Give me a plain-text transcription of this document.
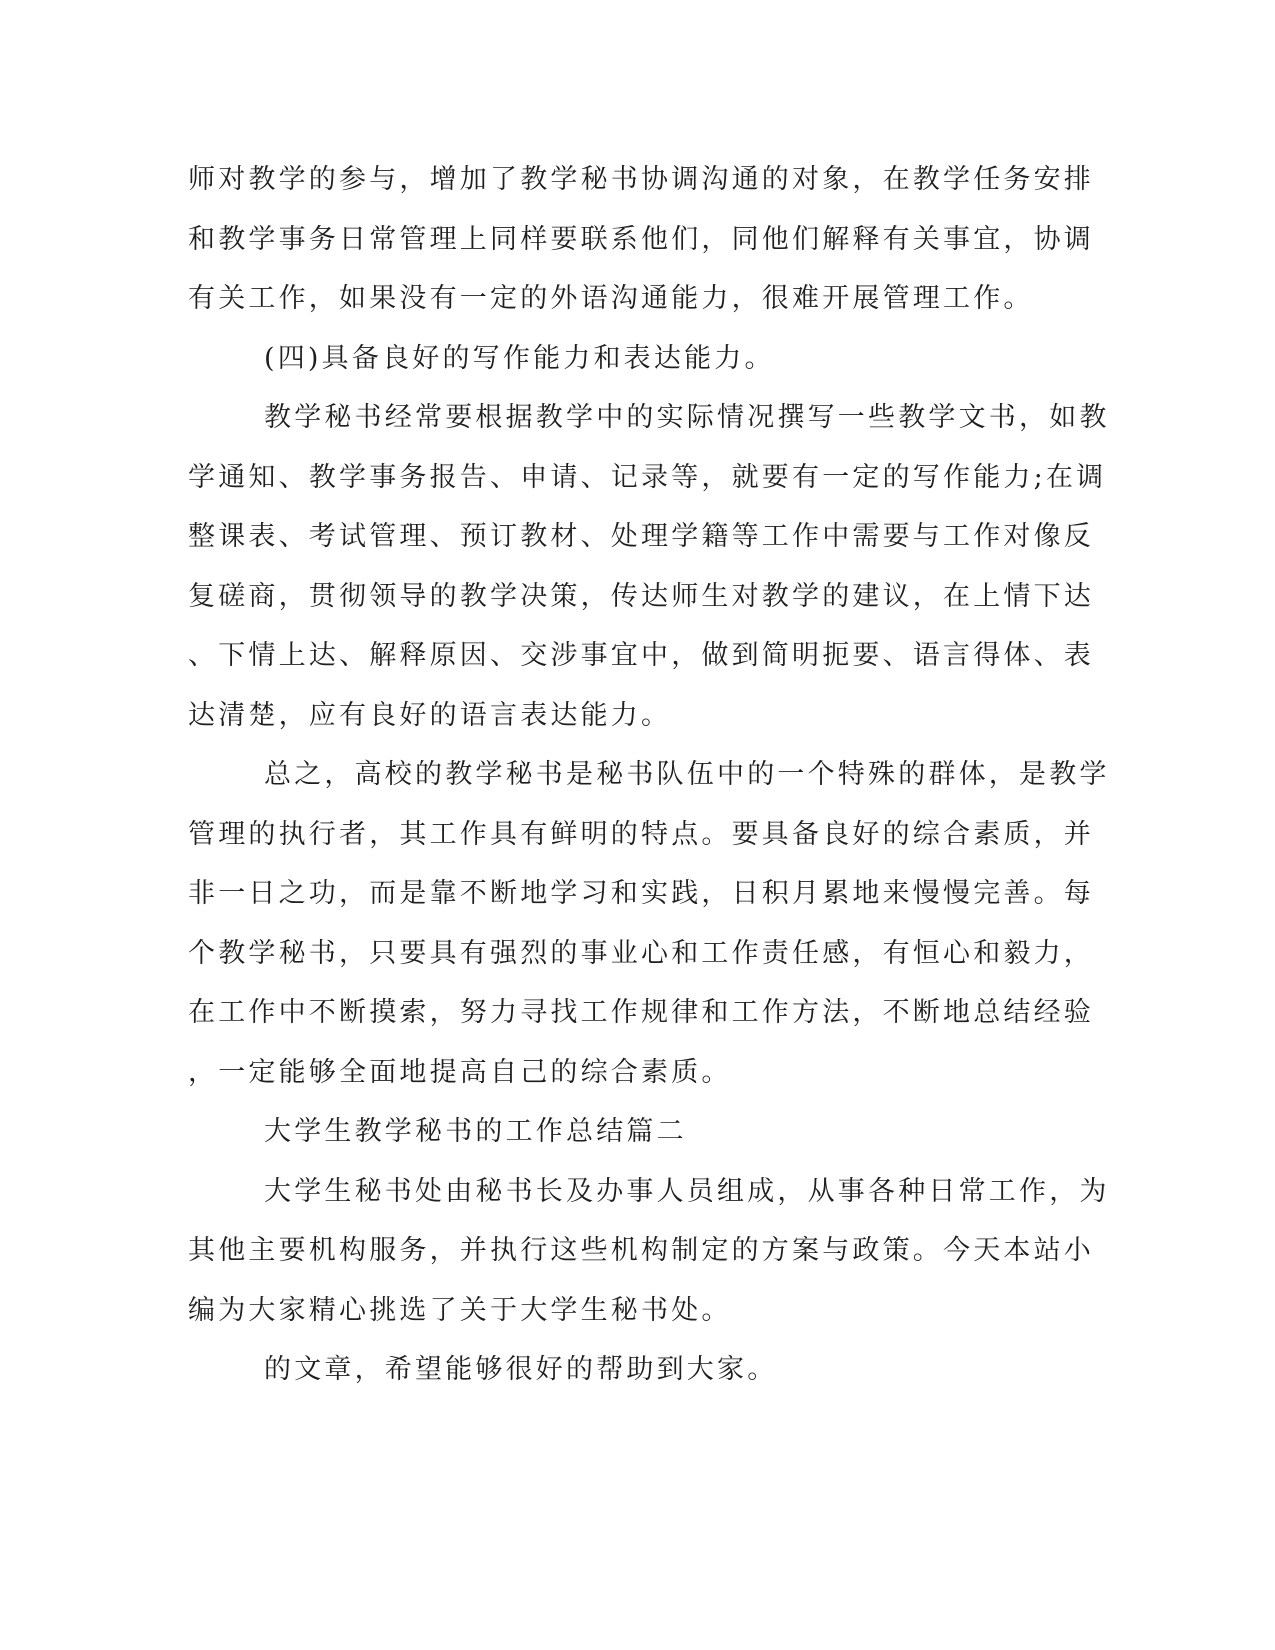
师对教学的参与，增加了教学秘书协调沟通的对象，在教学任务安排
和教学事务日常管理上同样要联系他们，同他们解释有关事宜，协调
有关工作，如果没有一定的外语沟通能力，很难开展管理工作。
(四)具备良好的写作能力和表达能力。
教学秘书经常要根据教学中的实际情况撰写一些教学文书，如教
学通知、教学事务报告、申请、记录等，就要有一定的写作能力;在调
整课表、考试管理、预订教材、处理学籍等工作中需要与工作对像反
复磋商，贯彻领导的教学决策，传达师生对教学的建议，在上情下达
、下情上达、解释原因、交涉事宜中，做到简明扼要、语言得体、表
达清楚，应有良好的语言表达能力。
总之，高校的教学秘书是秘书队伍中的一个特殊的群体，是教学
管理的执行者，其工作具有鲜明的特点。要具备良好的综合素质，并
非一日之功，而是靠不断地学习和实践，日积月累地来慢慢完善。每
个教学秘书，只要具有强烈的事业心和工作责任感，有恒心和毅力，
在工作中不断摸索，努力寻找工作规律和工作方法，不断地总结经验
，一定能够全面地提高自己的综合素质。
大学生教学秘书的工作总结篇二
大学生秘书处由秘书长及办事人员组成，从事各种日常工作，为
其他主要机构服务，并执行这些机构制定的方案与政策。今天本站小
编为大家精心挑选了关于大学生秘书处。
的文章，希望能够很好的帮助到大家。
